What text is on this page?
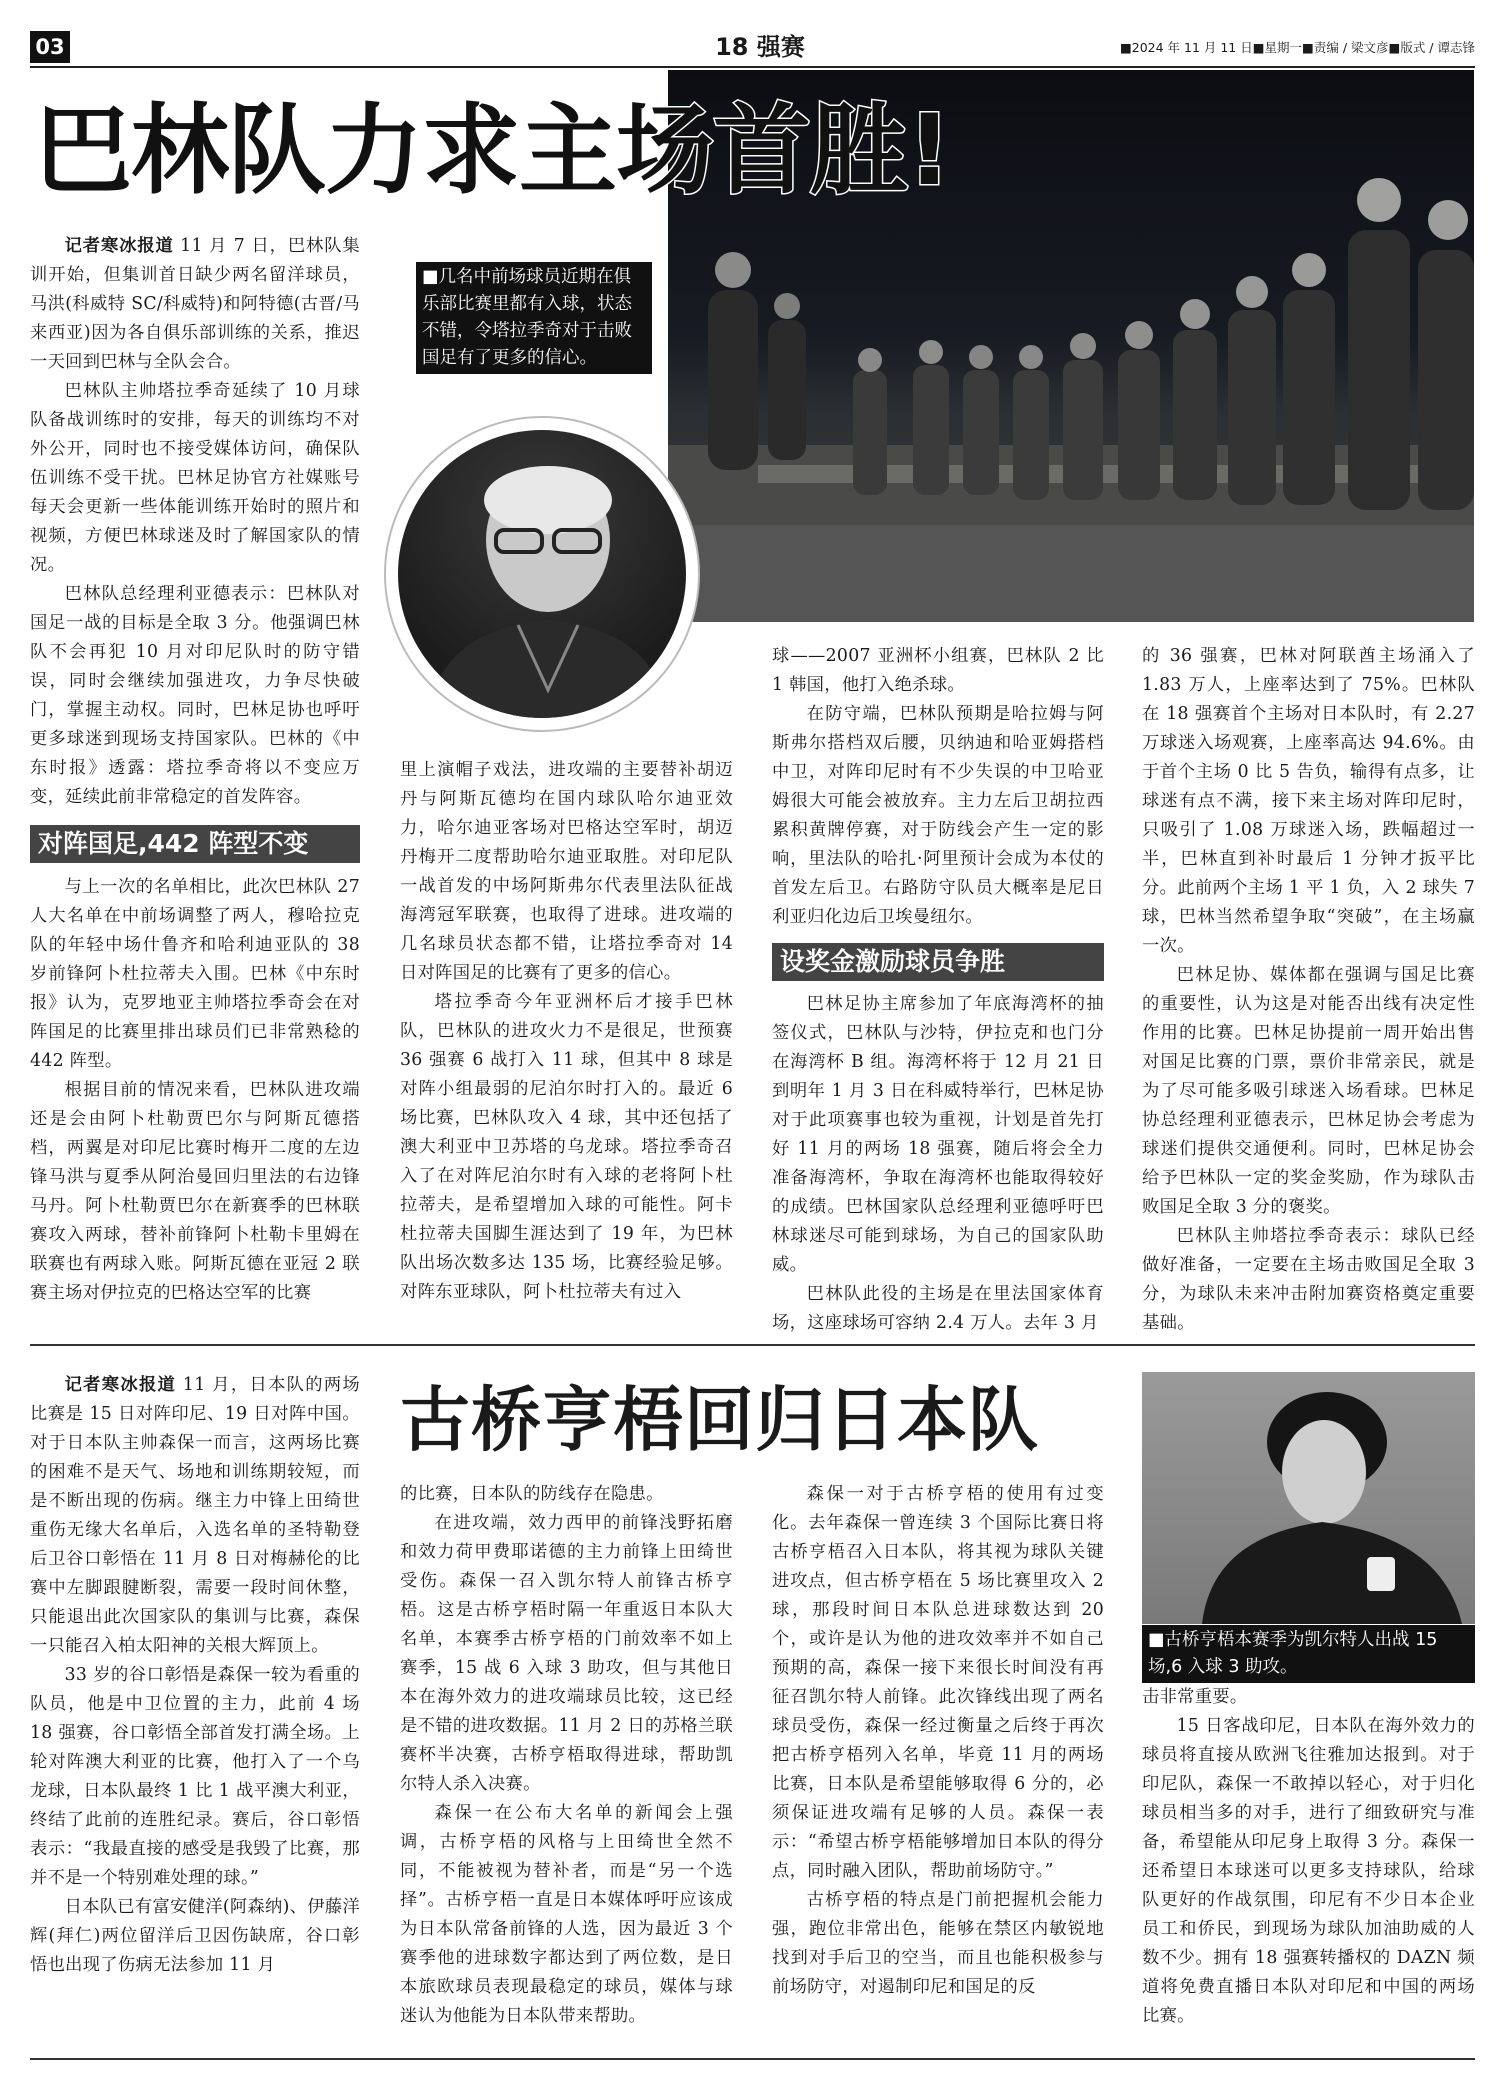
03	18 强赛	■2024 年 11 月 11 日■星期一■责编 / 梁文彦■版式 / 谭志锋
巴林队力求主场首胜!
■几名中前场球员近期在俱乐部比赛里都有入球，状态不错，令塔拉季奇对于击败国足有了更多的信心。

记者寒冰报道 11 月 7 日，巴林队集训开始，但集训首日缺少两名留洋球员，马洪(科威特 SC/科威特)和阿特德(古晋/马来西亚)因为各自俱乐部训练的关系，推迟一天回到巴林与全队会合。

巴林队主帅塔拉季奇延续了 10 月球队备战训练时的安排，每天的训练均不对外公开，同时也不接受媒体访问，确保队伍训练不受干扰。巴林足协官方社媒账号每天会更新一些体能训练开始时的照片和视频，方便巴林球迷及时了解国家队的情况。

巴林队总经理利亚德表示：巴林队对国足一战的目标是全取 3 分。他强调巴林队不会再犯 10 月对印尼队时的防守错误，同时会继续加强进攻，力争尽快破门，掌握主动权。同时，巴林足协也呼吁更多球迷到现场支持国家队。巴林的《中东时报》透露：塔拉季奇将以不变应万变，延续此前非常稳定的首发阵容。

对阵国足,442 阵型不变

与上一次的名单相比，此次巴林队 27 人大名单在中前场调整了两人，穆哈拉克队的年轻中场什鲁齐和哈利迪亚队的 38 岁前锋阿卜杜拉蒂夫入围。巴林《中东时报》认为，克罗地亚主帅塔拉季奇会在对阵国足的比赛里排出球员们已非常熟稔的 442 阵型。

根据目前的情况来看，巴林队进攻端还是会由阿卜杜勒贾巴尔与阿斯瓦德搭档，两翼是对印尼比赛时梅开二度的左边锋马洪与夏季从阿治曼回归里法的右边锋马丹。阿卜杜勒贾巴尔在新赛季的巴林联赛攻入两球，替补前锋阿卜杜勒卡里姆在联赛也有两球入账。阿斯瓦德在亚冠 2 联赛主场对伊拉克的巴格达空军的比赛

里上演帽子戏法，进攻端的主要替补胡迈丹与阿斯瓦德均在国内球队哈尔迪亚效力，哈尔迪亚客场对巴格达空军时，胡迈丹梅开二度帮助哈尔迪亚取胜。对印尼队一战首发的中场阿斯弗尔代表里法队征战海湾冠军联赛，也取得了进球。进攻端的几名球员状态都不错，让塔拉季奇对 14 日对阵国足的比赛有了更多的信心。

塔拉季奇今年亚洲杯后才接手巴林队，巴林队的进攻火力不是很足，世预赛 36 强赛 6 战打入 11 球，但其中 8 球是对阵小组最弱的尼泊尔时打入的。最近 6 场比赛，巴林队攻入 4 球，其中还包括了澳大利亚中卫苏塔的乌龙球。塔拉季奇召入了在对阵尼泊尔时有入球的老将阿卜杜拉蒂夫，是希望增加入球的可能性。阿卡杜拉蒂夫国脚生涯达到了 19 年，为巴林队出场次数多达 135 场，比赛经验足够。对阵东亚球队，阿卜杜拉蒂夫有过入

球——2007 亚洲杯小组赛，巴林队 2 比 1 韩国，他打入绝杀球。

在防守端，巴林队预期是哈拉姆与阿斯弗尔搭档双后腰，贝纳迪和哈亚姆搭档中卫，对阵印尼时有不少失误的中卫哈亚姆很大可能会被放弃。主力左后卫胡拉西累积黄牌停赛，对于防线会产生一定的影响，里法队的哈扎·阿里预计会成为本仗的首发左后卫。右路防守队员大概率是尼日利亚归化边后卫埃曼纽尔。

设奖金激励球员争胜

巴林足协主席参加了年底海湾杯的抽签仪式，巴林队与沙特，伊拉克和也门分在海湾杯 B 组。海湾杯将于 12 月 21 日到明年 1 月 3 日在科威特举行，巴林足协对于此项赛事也较为重视，计划是首先打好 11 月的两场 18 强赛，随后将会全力准备海湾杯，争取在海湾杯也能取得较好的成绩。巴林国家队总经理利亚德呼吁巴林球迷尽可能到球场，为自己的国家队助威。

巴林队此役的主场是在里法国家体育场，这座球场可容纳 2.4 万人。去年 3 月

的 36 强赛，巴林对阿联酋主场涌入了 1.83 万人，上座率达到了 75%。巴林队在 18 强赛首个主场对日本队时，有 2.27 万球迷入场观赛，上座率高达 94.6%。由于首个主场 0 比 5 告负，输得有点多，让球迷有点不满，接下来主场对阵印尼时，只吸引了 1.08 万球迷入场，跌幅超过一半，巴林直到补时最后 1 分钟才扳平比分。此前两个主场 1 平 1 负，入 2 球失 7 球，巴林当然希望争取“突破”，在主场赢一次。

巴林足协、媒体都在强调与国足比赛的重要性，认为这是对能否出线有决定性作用的比赛。巴林足协提前一周开始出售对国足比赛的门票，票价非常亲民，就是为了尽可能多吸引球迷入场看球。巴林足协总经理利亚德表示，巴林足协会考虑为球迷们提供交通便利。同时，巴林足协会给予巴林队一定的奖金奖励，作为球队击败国足全取 3 分的褒奖。

巴林队主帅塔拉季奇表示：球队已经做好准备，一定要在主场击败国足全取 3 分，为球队未来冲击附加赛资格奠定重要基础。

古桥亨梧回归日本队
■古桥亨梧本赛季为凯尔特人出战 15 场,6 入球 3 助攻。

记者寒冰报道 11 月，日本队的两场比赛是 15 日对阵印尼、19 日对阵中国。对于日本队主帅森保一而言，这两场比赛的困难不是天气、场地和训练期较短，而是不断出现的伤病。继主力中锋上田绮世重伤无缘大名单后，入选名单的圣特勒登后卫谷口彰悟在 11 月 8 日对梅赫伦的比赛中左脚跟腱断裂，需要一段时间休整，只能退出此次国家队的集训与比赛，森保一只能召入柏太阳神的关根大辉顶上。

33 岁的谷口彰悟是森保一较为看重的队员，他是中卫位置的主力，此前 4 场 18 强赛，谷口彰悟全部首发打满全场。上轮对阵澳大利亚的比赛，他打入了一个乌龙球，日本队最终 1 比 1 战平澳大利亚，终结了此前的连胜纪录。赛后，谷口彰悟表示：“我最直接的感受是我毁了比赛，那并不是一个特别难处理的球。”

日本队已有富安健洋(阿森纳)、伊藤洋辉(拜仁)两位留洋后卫因伤缺席，谷口彰悟也出现了伤病无法参加 11 月

的比赛，日本队的防线存在隐患。

在进攻端，效力西甲的前锋浅野拓磨和效力荷甲费耶诺德的主力前锋上田绮世受伤。森保一召入凯尔特人前锋古桥亨梧。这是古桥亨梧时隔一年重返日本队大名单，本赛季古桥亨梧的门前效率不如上赛季，15 战 6 入球 3 助攻，但与其他日本在海外效力的进攻端球员比较，这已经是不错的进攻数据。11 月 2 日的苏格兰联赛杯半决赛，古桥亨梧取得进球，帮助凯尔特人杀入决赛。

森保一在公布大名单的新闻会上强调，古桥亨梧的风格与上田绮世全然不同，不能被视为替补者，而是“另一个选择”。古桥亨梧一直是日本媒体呼吁应该成为日本队常备前锋的人选，因为最近 3 个赛季他的进球数字都达到了两位数，是日本旅欧球员表现最稳定的球员，媒体与球迷认为他能为日本队带来帮助。

森保一对于古桥亨梧的使用有过变化。去年森保一曾连续 3 个国际比赛日将古桥亨梧召入日本队，将其视为球队关键进攻点，但古桥亨梧在 5 场比赛里攻入 2 球，那段时间日本队总进球数达到 20 个，或许是认为他的进攻效率并不如自己预期的高，森保一接下来很长时间没有再征召凯尔特人前锋。此次锋线出现了两名球员受伤，森保一经过衡量之后终于再次把古桥亨梧列入名单，毕竟 11 月的两场比赛，日本队是希望能够取得 6 分的，必须保证进攻端有足够的人员。森保一表示：“希望古桥亨梧能够增加日本队的得分点，同时融入团队，帮助前场防守。”

古桥亨梧的特点是门前把握机会能力强，跑位非常出色，能够在禁区内敏锐地找到对手后卫的空当，而且也能积极参与前场防守，对遏制印尼和国足的反

击非常重要。

15 日客战印尼，日本队在海外效力的球员将直接从欧洲飞往雅加达报到。对于印尼队，森保一不敢掉以轻心，对于归化球员相当多的对手，进行了细致研究与准备，希望能从印尼身上取得 3 分。森保一还希望日本球迷可以更多支持球队，给球队更好的作战氛围，印尼有不少日本企业员工和侨民，到现场为球队加油助威的人数不少。拥有 18 强赛转播权的 DAZN 频道将免费直播日本队对印尼和中国的两场比赛。
